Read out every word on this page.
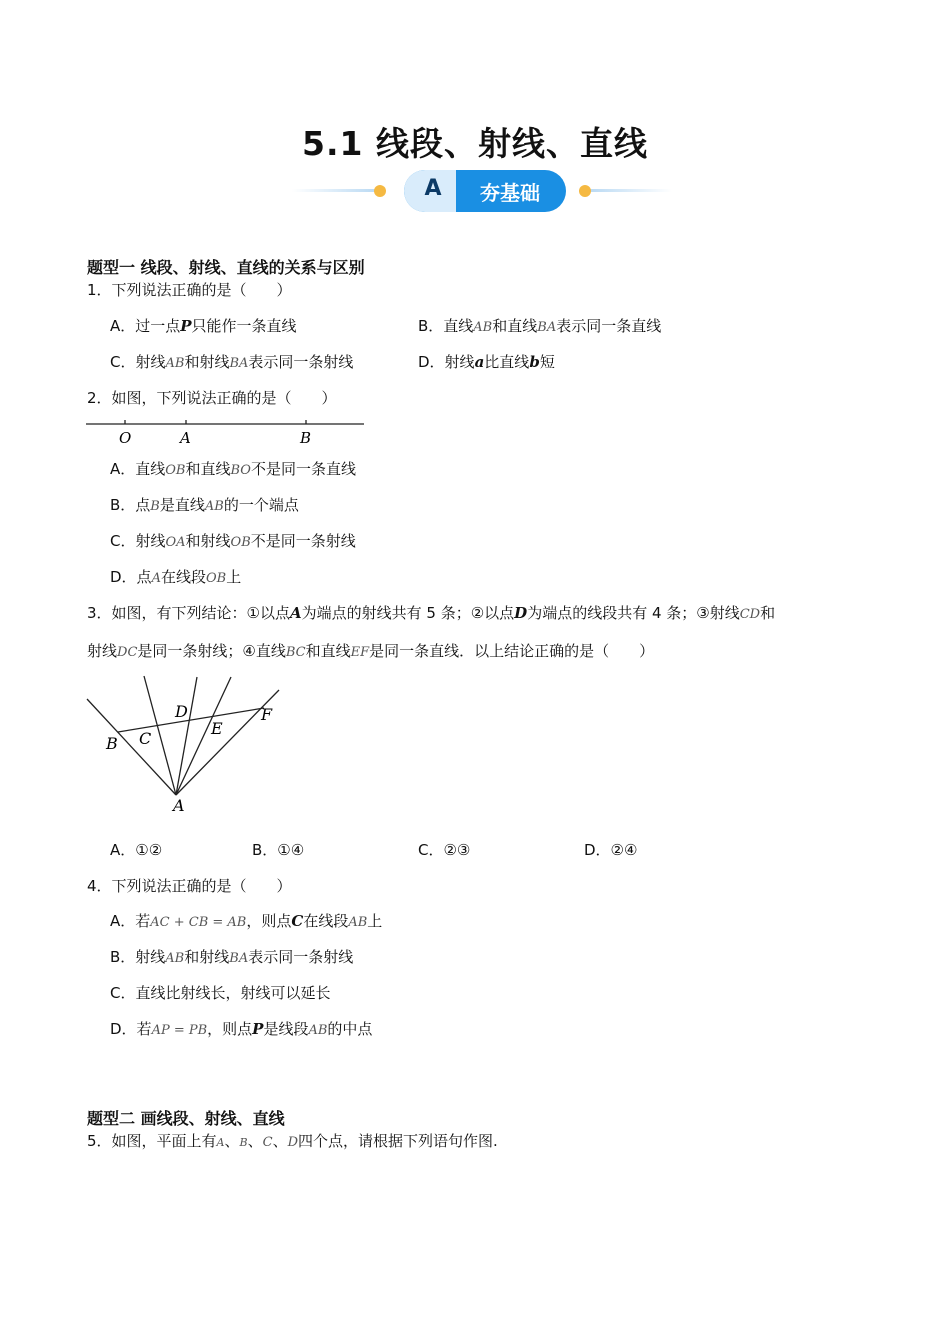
5.1 线段、射线、直线
A	夯基础
题型一 线段、射线、直线的关系与区别
1．下列说法正确的是（　　）
A．过一点P只能作一条直线	B．直线AB和直线BA表示同一条直线
C．射线AB和射线BA表示同一条射线	D．射线a比直线b短
2．如图，下列说法正确的是（　　）
O	A	B
A．直线OB和直线BO不是同一条直线
B．点B是直线AB的一个端点
C．射线OA和射线OB不是同一条射线
D．点A在线段OB上
3．如图，有下列结论：①以点A为端点的射线共有 5 条；②以点D为端点的线段共有 4 条；③射线CD和
射线DC是同一条射线；④直线BC和直线EF是同一条直线．以上结论正确的是（　　）
B C
D
E
F
A
A．①②	B．①④	C．②③	D．②④
4．下列说法正确的是（　　）
A．若AC + CB = AB，则点C在线段AB上
B．射线AB和射线BA表示同一条射线
C．直线比射线长，射线可以延长
D．若AP = PB，则点P是线段AB的中点
题型二 画线段、射线、直线
5．如图，平面上有A、B、C、D四个点，请根据下列语句作图.
